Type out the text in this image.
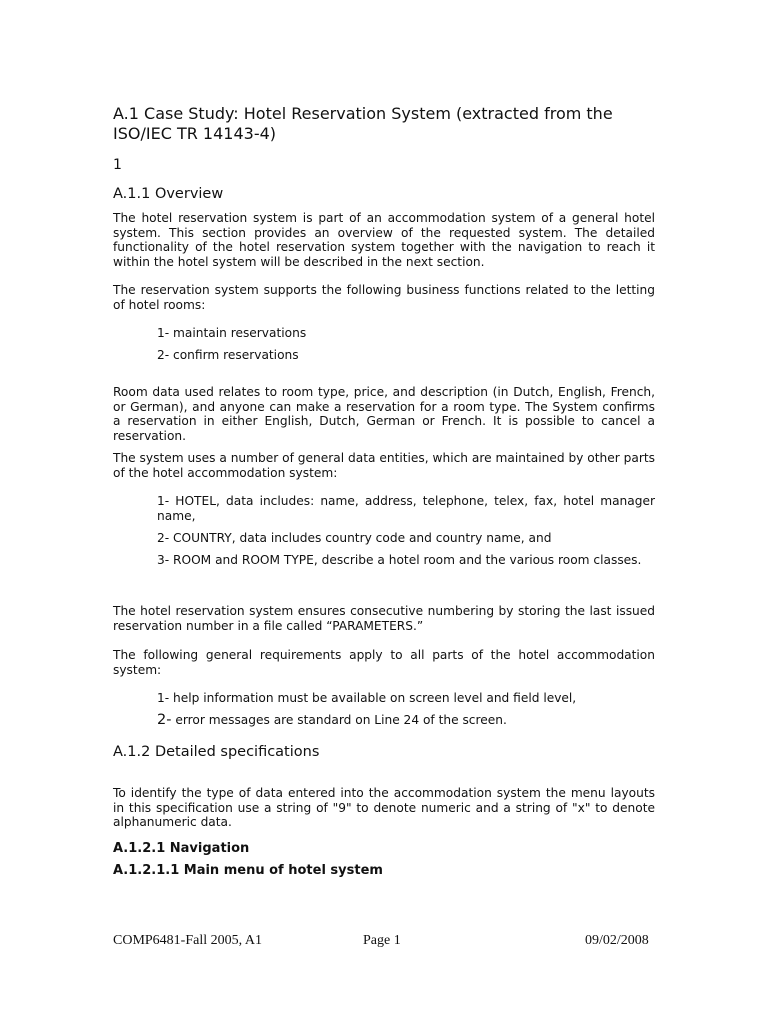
A.1 Case Study: Hotel Reservation System (extracted from the ISO/IEC TR 14143-4)

1

A.1.1 Overview

The hotel reservation system is part of an accommodation system of a general hotel system. This section provides an overview of the requested system. The detailed functionality of the hotel reservation system together with the navigation to reach it within the hotel system will be described in the next section.

The reservation system supports the following business functions related to the letting of hotel rooms:

1- maintain reservations

2- confirm reservations

Room data used relates to room type, price, and description (in Dutch, English, French, or German), and anyone can make a reservation for a room type. The System confirms a reservation in either English, Dutch, German or French. It is possible to cancel a reservation.

The system uses a number of general data entities, which are maintained by other parts of the hotel accommodation system:

1- HOTEL, data includes: name, address, telephone, telex, fax, hotel manager name,

2- COUNTRY, data includes country code and country name, and

3- ROOM and ROOM TYPE, describe a hotel room and the various room classes.

The hotel reservation system ensures consecutive numbering by storing the last issued reservation number in a file called “PARAMETERS.”

The following general requirements apply to all parts of the hotel accommodation system:

1- help information must be available on screen level and field level,

2- error messages are standard on Line 24 of the screen.

A.1.2 Detailed specifications

To identify the type of data entered into the accommodation system the menu layouts in this specification use a string of "9" to denote numeric and a string of "x" to denote alphanumeric data.

A.1.2.1 Navigation
A.1.2.1.1 Main menu of hotel system

COMP6481-Fall 2005, A1	Page 1	09/02/2008
